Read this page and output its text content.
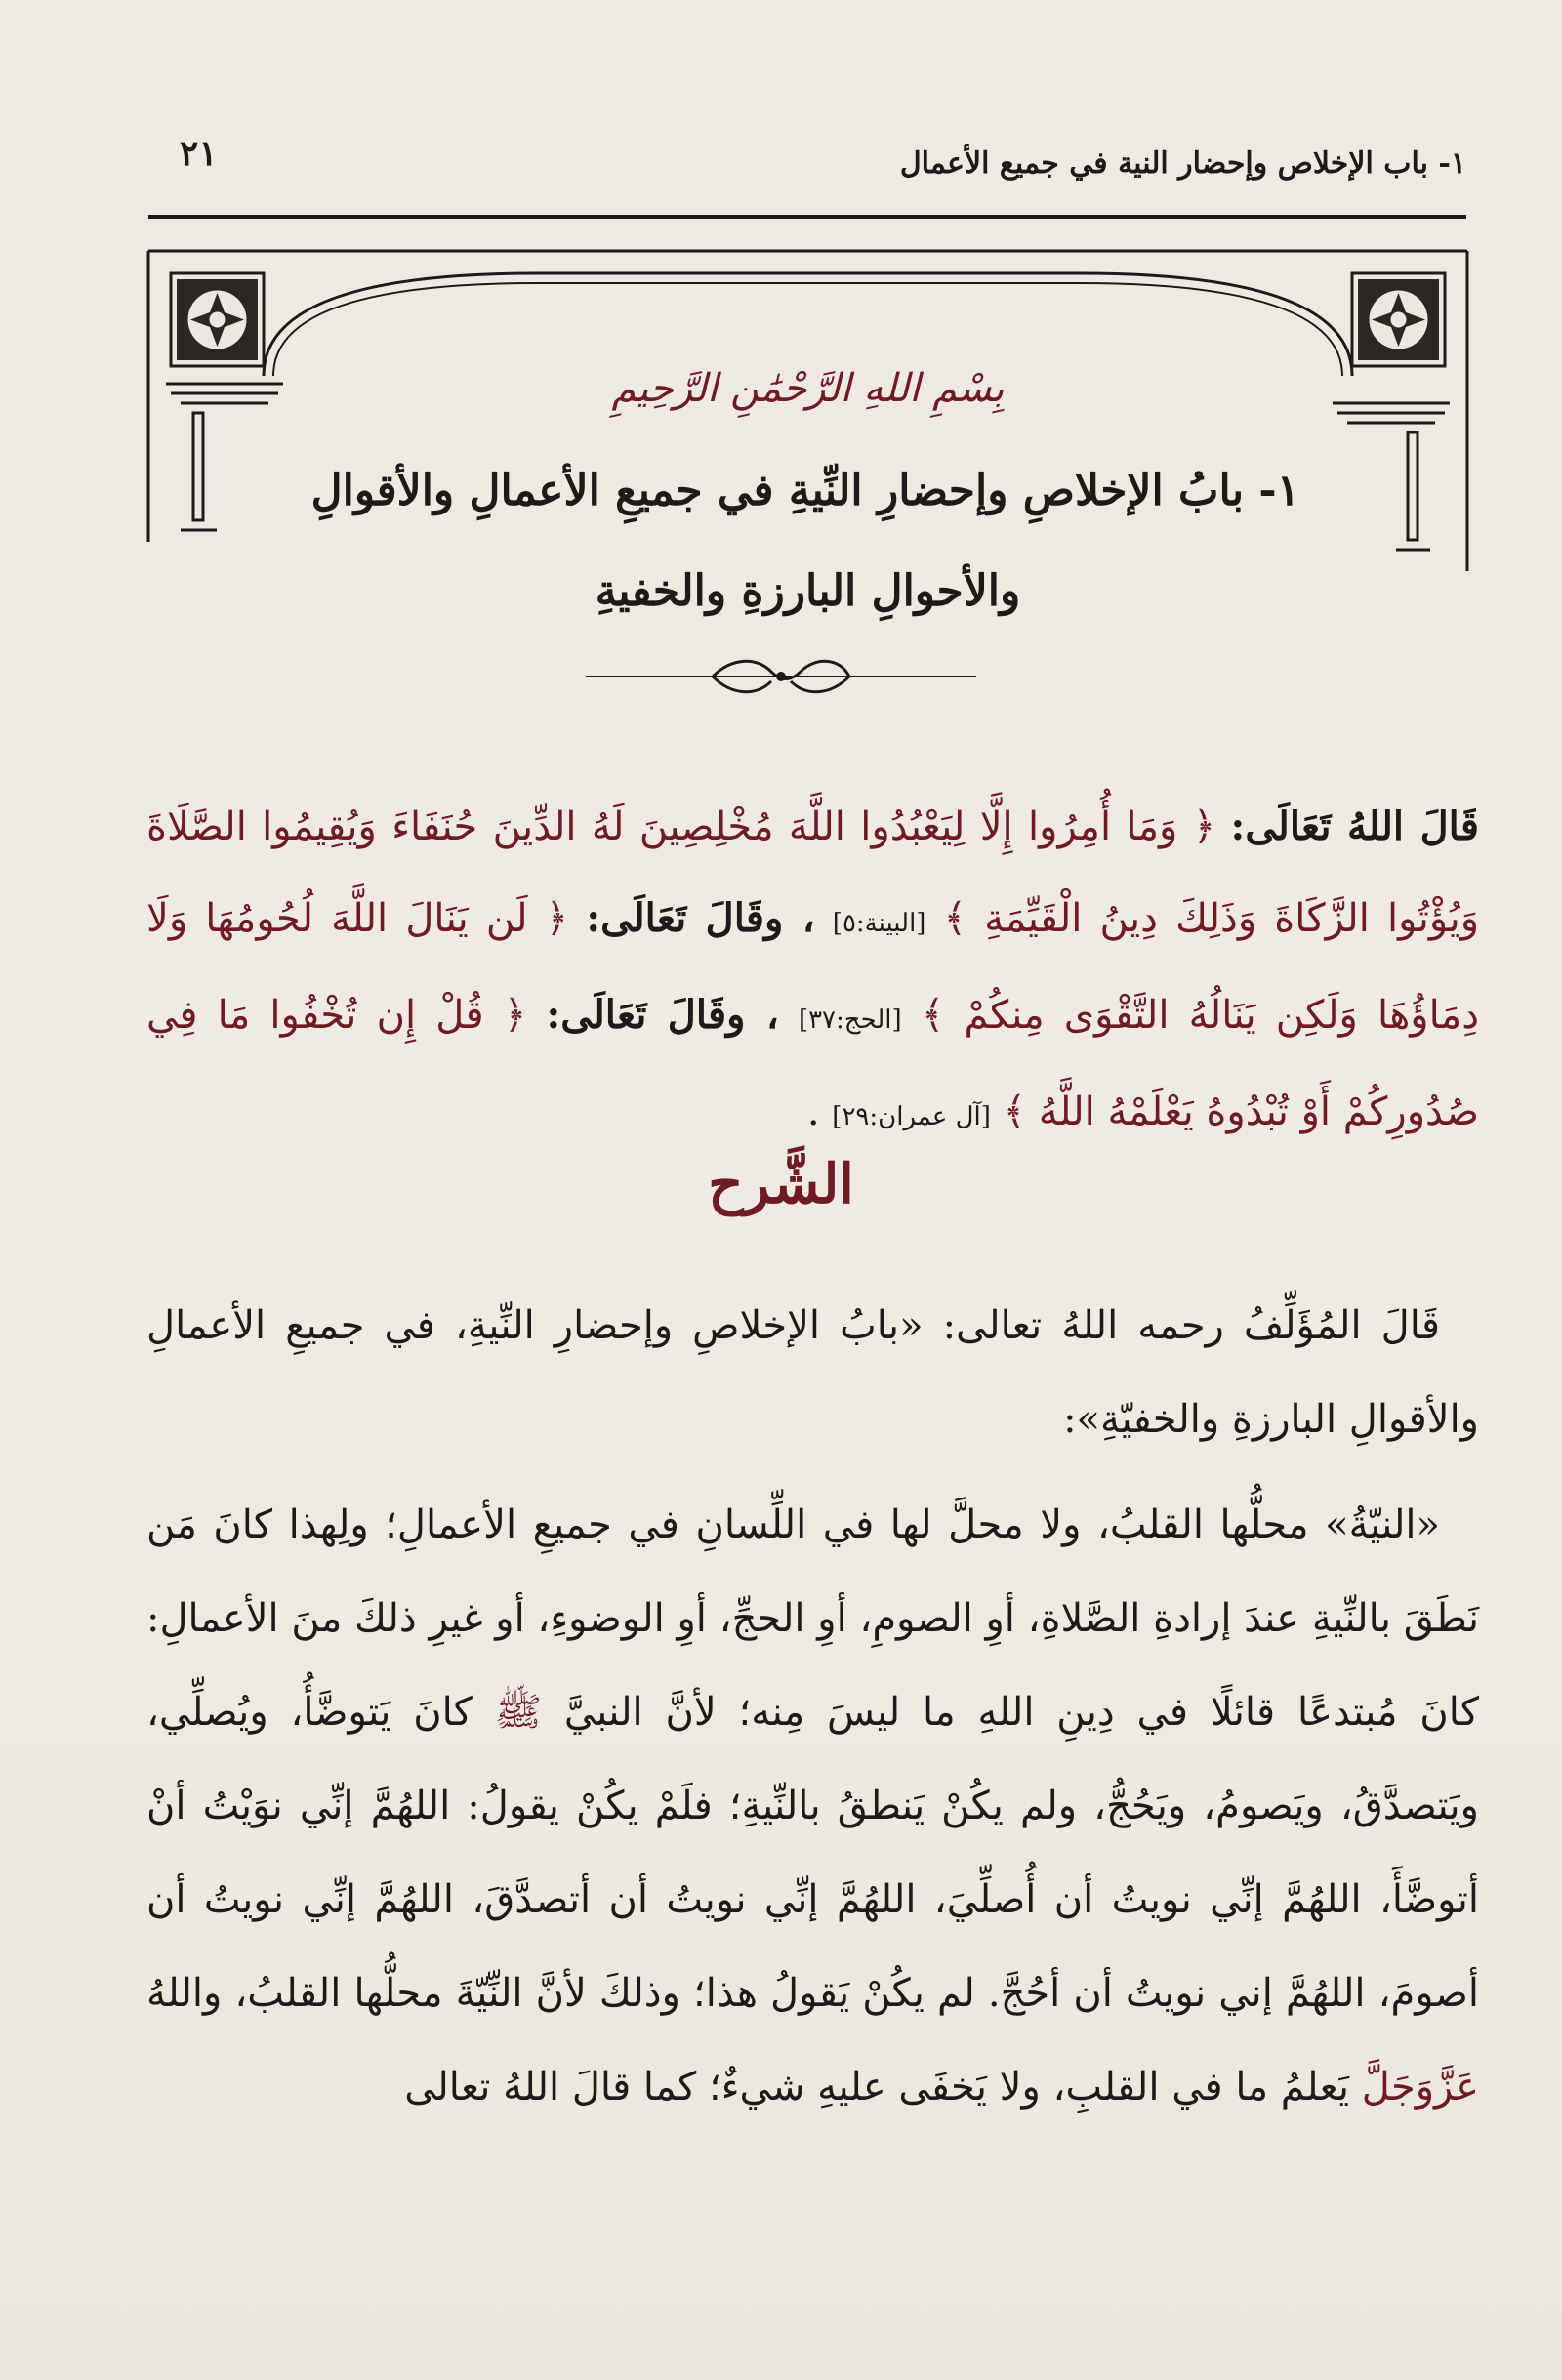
٢١	١- باب الإخلاص وإحضار النية في جميع الأعمال
بِسْمِ اللهِ الرَّحْمَٰنِ الرَّحِيمِ
١- بابُ الإخلاصِ وإحضارِ النِّيةِ في جميعِ الأعمالِ والأقوالِ
والأحوالِ البارزةِ والخفيةِ
قَالَ اللهُ تَعَالَى: ﴿ وَمَا أُمِرُوا إِلَّا لِيَعْبُدُوا اللَّهَ مُخْلِصِينَ لَهُ الدِّينَ حُنَفَاءَ وَيُقِيمُوا الصَّلَاةَ وَيُؤْتُوا الزَّكَاةَ وَذَلِكَ دِينُ الْقَيِّمَةِ ﴾ [البينة:٥] ، وقَالَ تَعَالَى: ﴿ لَن يَنَالَ اللَّهَ لُحُومُهَا وَلَا دِمَاؤُهَا وَلَكِن يَنَالُهُ التَّقْوَى مِنكُمْ ﴾ [الحج:٣٧] ، وقَالَ تَعَالَى: ﴿ قُلْ إِن تُخْفُوا مَا فِي صُدُورِكُمْ أَوْ تُبْدُوهُ يَعْلَمْهُ اللَّهُ ﴾ [آل عمران:٢٩] .
الشَّرح

قَالَ المُؤَلِّفُ رحمه اللهُ تعالى: «بابُ الإخلاصِ وإحضارِ النِّيةِ، في جميعِ الأعمالِ والأقوالِ البارزةِ والخفيّةِ»:

«النيّةُ» محلُّها القلبُ، ولا محلَّ لها في اللِّسانِ في جميعِ الأعمالِ؛ ولِهذا كانَ مَن نَطَقَ بالنِّيةِ عندَ إرادةِ الصَّلاةِ، أوِ الصومِ، أوِ الحجِّ، أوِ الوضوءِ، أو غيرِ ذلكَ منَ الأعمالِ: كانَ مُبتدعًا قائلًا في دِينِ اللهِ ما ليسَ مِنه؛ لأنَّ النبيَّ ﷺ كانَ يَتوضَّأُ، ويُصلِّي، ويَتصدَّقُ، ويَصومُ، ويَحُجُّ، ولم يكُنْ يَنطقُ بالنِّيةِ؛ فلَمْ يكُنْ يقولُ: اللهُمَّ إنِّي نوَيْتُ أنْ أتوضَّأَ، اللهُمَّ إنِّي نويتُ أن أُصلِّيَ، اللهُمَّ إنِّي نويتُ أن أتصدَّقَ، اللهُمَّ إنِّي نويتُ أن أصومَ، اللهُمَّ إني نويتُ أن أحُجَّ. لم يكُنْ يَقولُ هذا؛ وذلكَ لأنَّ النِّيّةَ محلُّها القلبُ، واللهُ عَزَّوَجَلَّ يَعلمُ ما في القلبِ، ولا يَخفَى عليهِ شيءٌ؛ كما قالَ اللهُ تعالى
